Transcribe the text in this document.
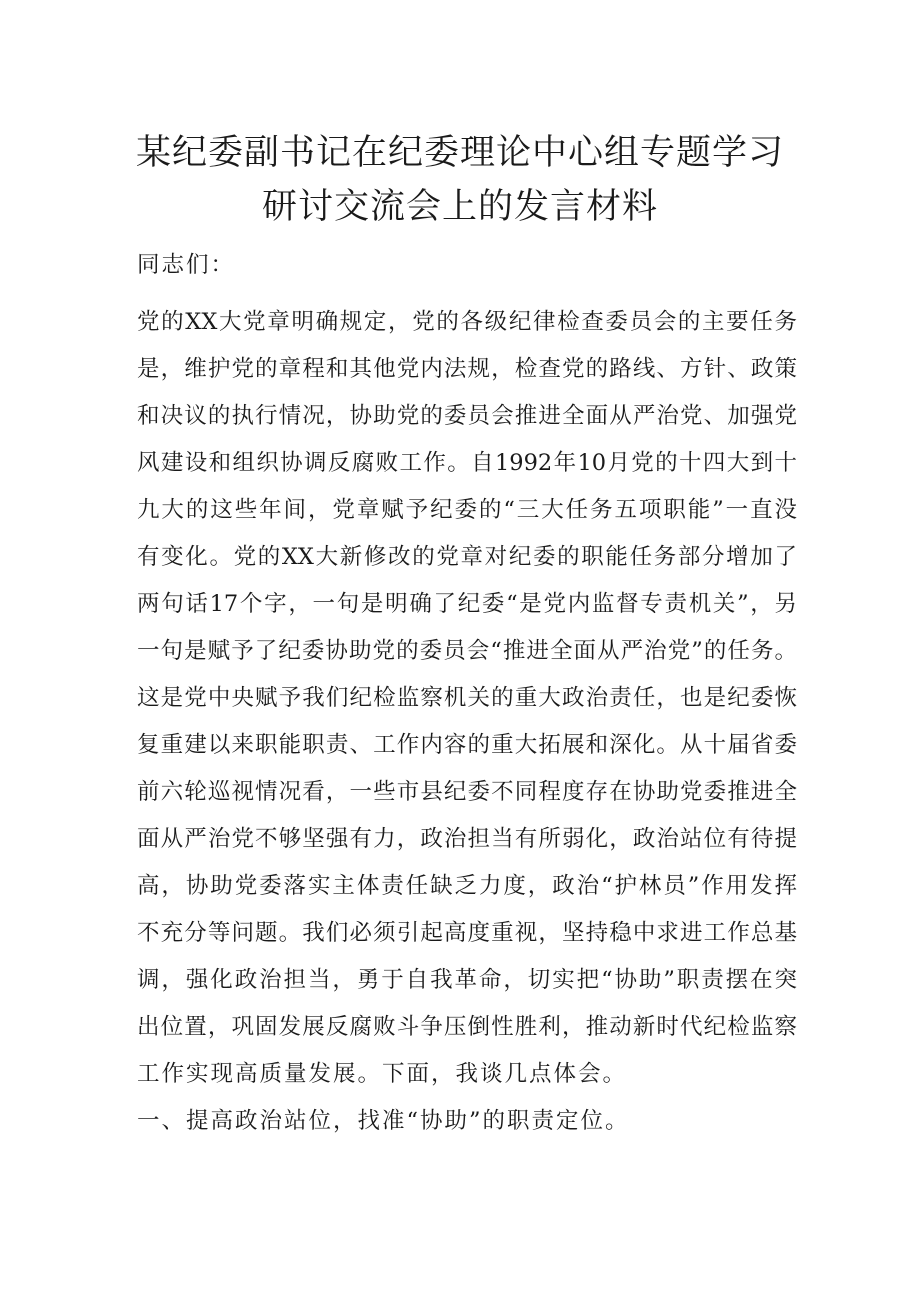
某纪委副书记在纪委理论中心组专题学习
研讨交流会上的发言材料
同志们：
党的XX大党章明确规定，党的各级纪律检查委员会的主要任务
是，维护党的章程和其他党内法规，检查党的路线、方针、政策
和决议的执行情况，协助党的委员会推进全面从严治党、加强党
风建设和组织协调反腐败工作。自1992年10月党的十四大到十
九大的这些年间，党章赋予纪委的“三大任务五项职能”一直没
有变化。党的XX大新修改的党章对纪委的职能任务部分增加了
两句话17个字，一句是明确了纪委“是党内监督专责机关”，另
一句是赋予了纪委协助党的委员会“推进全面从严治党”的任务。
这是党中央赋予我们纪检监察机关的重大政治责任，也是纪委恢
复重建以来职能职责、工作内容的重大拓展和深化。从十届省委
前六轮巡视情况看，一些市县纪委不同程度存在协助党委推进全
面从严治党不够坚强有力，政治担当有所弱化，政治站位有待提
高，协助党委落实主体责任缺乏力度，政治“护林员”作用发挥
不充分等问题。我们必须引起高度重视，坚持稳中求进工作总基
调，强化政治担当，勇于自我革命，切实把“协助”职责摆在突
出位置，巩固发展反腐败斗争压倒性胜利，推动新时代纪检监察
工作实现高质量发展。下面，我谈几点体会。
一、提高政治站位，找准“协助”的职责定位。
